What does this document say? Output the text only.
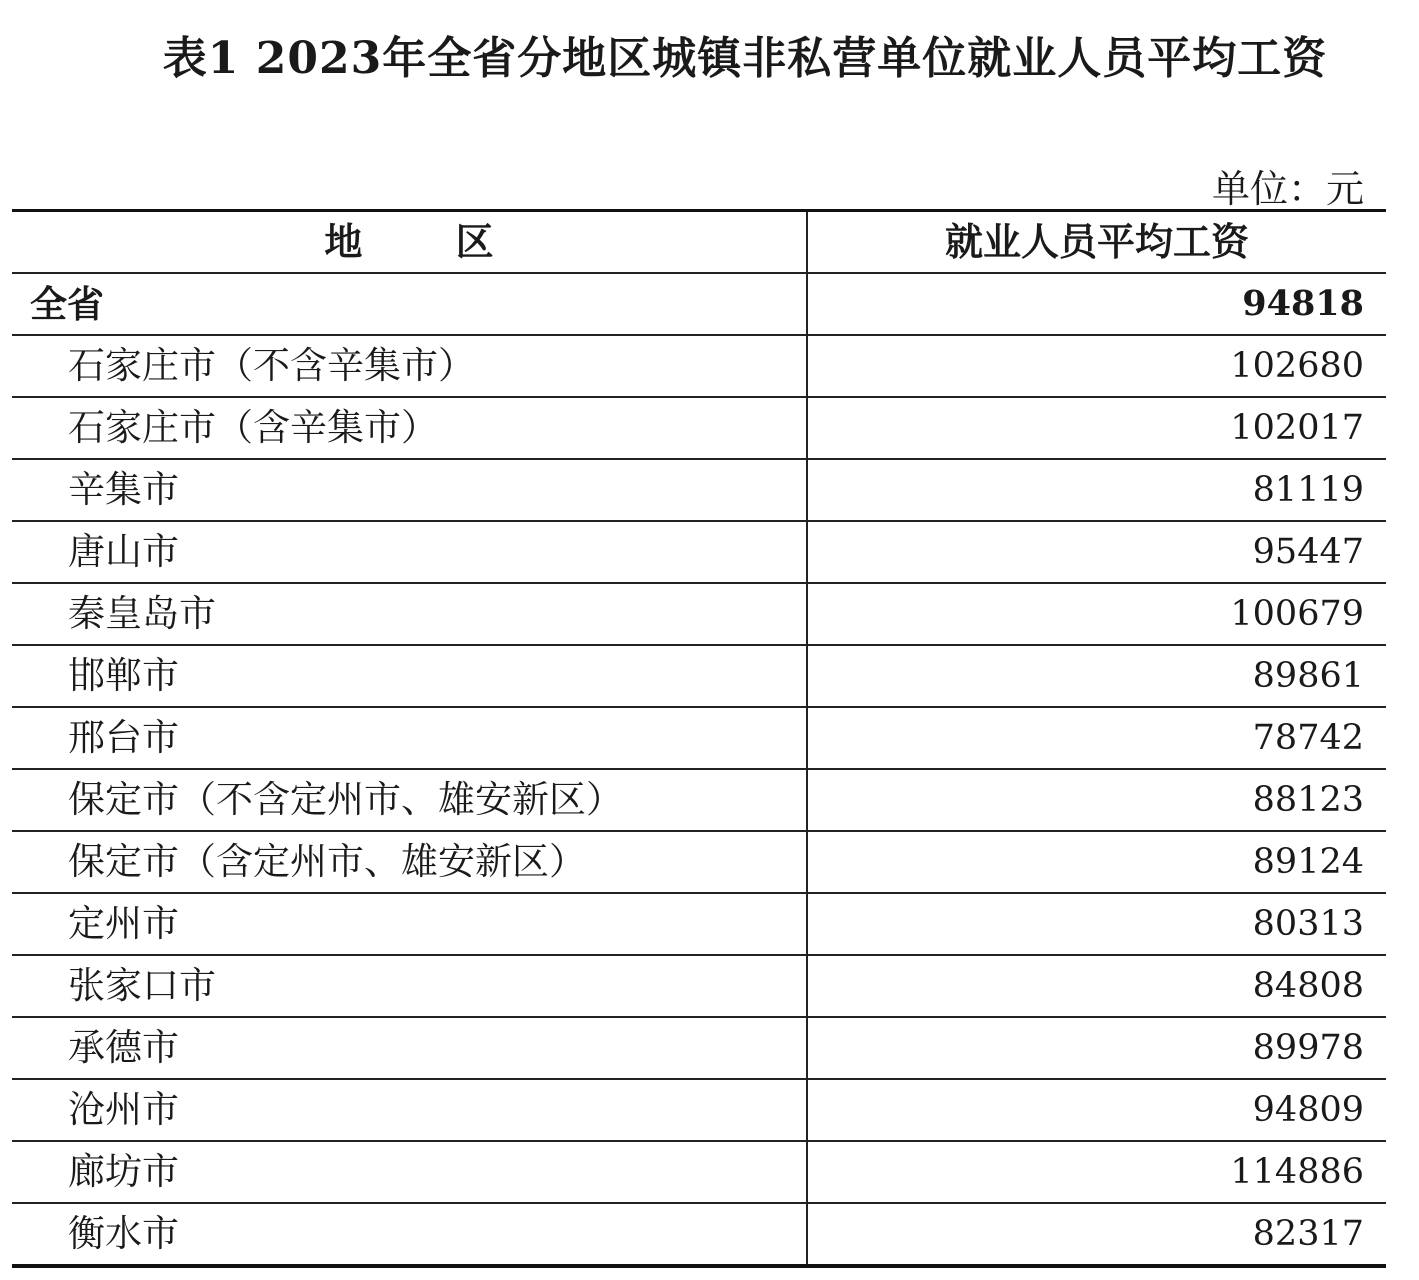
表1 2023年全省分地区城镇非私营单位就业人员平均工资
单位：元
地 区	就业人员平均工资
全省	94818
石家庄市（不含辛集市）	102680
石家庄市（含辛集市）	102017
辛集市	81119
唐山市	95447
秦皇岛市	100679
邯郸市	89861
邢台市	78742
保定市（不含定州市、雄安新区）	88123
保定市（含定州市、雄安新区）	89124
定州市	80313
张家口市	84808
承德市	89978
沧州市	94809
廊坊市	114886
衡水市	82317
